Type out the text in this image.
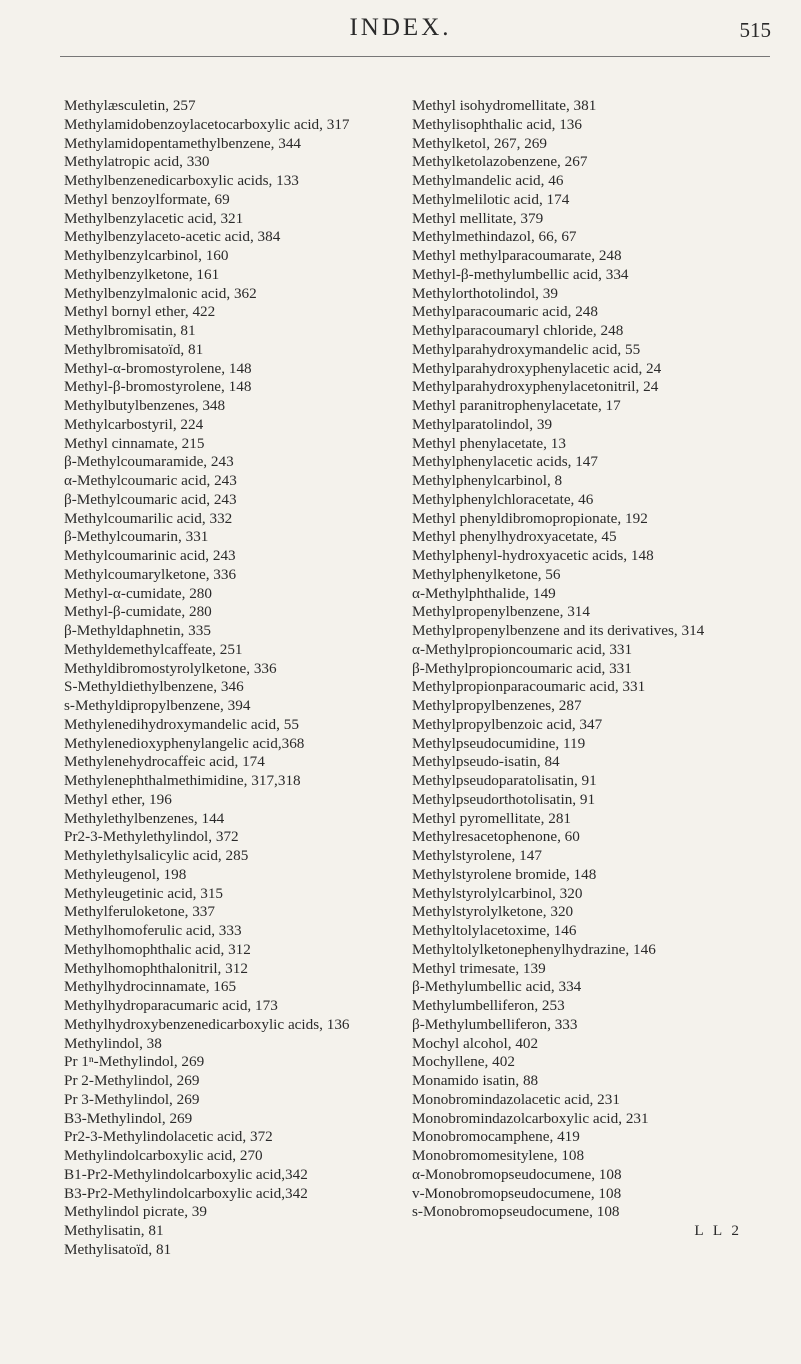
INDEX.	515
Methylæsculetin, 257
Methylamidobenzoylacetocarboxylic acid, 317
Methylamidopentamethylbenzene, 344
Methylatropic acid, 330
Methylbenzenedicarboxylic acids, 133
Methyl benzoylformate, 69
Methylbenzylacetic acid, 321
Methylbenzylaceto-acetic acid, 384
Methylbenzylcarbinol, 160
Methylbenzylketone, 161
Methylbenzylmalonic acid, 362
Methyl bornyl ether, 422
Methylbromisatin, 81
Methylbromisatoïd, 81
Methyl-α-bromostyrolene, 148
Methyl-β-bromostyrolene, 148
Methylbutylbenzenes, 348
Methylcarbostyril, 224
Methyl cinnamate, 215
β-Methylcoumaramide, 243
α-Methylcoumaric acid, 243
β-Methylcoumaric acid, 243
Methylcoumarilic acid, 332
β-Methylcoumarin, 331
Methylcoumarinic acid, 243
Methylcoumarylketone, 336
Methyl-α-cumidate, 280
Methyl-β-cumidate, 280
β-Methyldaphnetin, 335
Methyldemethylcaffeate, 251
Methyldibromostyrolylketone, 336
S-Methyldiethylbenzene, 346
s-Methyldipropylbenzene, 394
Methylenedihydroxymandelic acid, 55
Methylenedioxyphenylangelic acid,368
Methylenehydrocaffeic acid, 174
Methylenephthalmethimidine, 317,318
Methyl ether, 196
Methylethylbenzenes, 144
Pr2-3-Methylethylindol, 372
Methylethylsalicylic acid, 285
Methyleugenol, 198
Methyleugetinic acid, 315
Methylferuloketone, 337
Methylhomoferulic acid, 333
Methylhomophthalic acid, 312
Methylhomophthalonitril, 312
Methylhydrocinnamate, 165
Methylhydroparacumaric acid, 173
Methylhydroxybenzenedicarboxylic acids, 136
Methylindol, 38
Pr 1ⁿ-Methylindol, 269
Pr 2-Methylindol, 269
Pr 3-Methylindol, 269
B3-Methylindol, 269
Pr2-3-Methylindolacetic acid, 372
Methylindolcarboxylic acid, 270
B1-Pr2-Methylindolcarboxylic acid,342
B3-Pr2-Methylindolcarboxylic acid,342
Methylindol picrate, 39
Methylisatin, 81
Methylisatoïd, 81
Methyl isohydromellitate, 381
Methylisophthalic acid, 136
Methylketol, 267, 269
Methylketolazobenzene, 267
Methylmandelic acid, 46
Methylmelilotic acid, 174
Methyl mellitate, 379
Methylmethindazol, 66, 67
Methyl methylparacoumarate, 248
Methyl-β-methylumbellic acid, 334
Methylorthotolindol, 39
Methylparacoumaric acid, 248
Methylparacoumaryl chloride, 248
Methylparahydroxymandelic acid, 55
Methylparahydroxyphenylacetic acid, 24
Methylparahydroxyphenylacetonitril, 24
Methyl paranitrophenylacetate, 17
Methylparatolindol, 39
Methyl phenylacetate, 13
Methylphenylacetic acids, 147
Methylphenylcarbinol, 8
Methylphenylchloracetate, 46
Methyl phenyldibromopropionate, 192
Methyl phenylhydroxyacetate, 45
Methylphenyl-hydroxyacetic acids, 148
Methylphenylketone, 56
α-Methylphthalide, 149
Methylpropenylbenzene, 314
Methylpropenylbenzene and its derivatives, 314
α-Methylpropioncoumaric acid, 331
β-Methylpropioncoumaric acid, 331
Methylpropionparacoumaric acid, 331
Methylpropylbenzenes, 287
Methylpropylbenzoic acid, 347
Methylpseudocumidine, 119
Methylpseudo-isatin, 84
Methylpseudoparatolisatin, 91
Methylpseudorthotolisatin, 91
Methyl pyromellitate, 281
Methylresacetophenone, 60
Methylstyrolene, 147
Methylstyrolene bromide, 148
Methylstyrolylcarbinol, 320
Methylstyrolylketone, 320
Methyltolylacetoxime, 146
Methyltolylketonephenylhydrazine, 146
Methyl trimesate, 139
β-Methylumbellic acid, 334
Methylumbelliferon, 253
β-Methylumbelliferon, 333
Mochyl alcohol, 402
Mochyllene, 402
Monamido isatin, 88
Monobromindazolacetic acid, 231
Monobromindazolcarboxylic acid, 231
Monobromocamphene, 419
Monobromomesitylene, 108
α-Monobromopseudocumene, 108
v-Monobromopseudocumene, 108
s-Monobromopseudocumene, 108
L L 2
